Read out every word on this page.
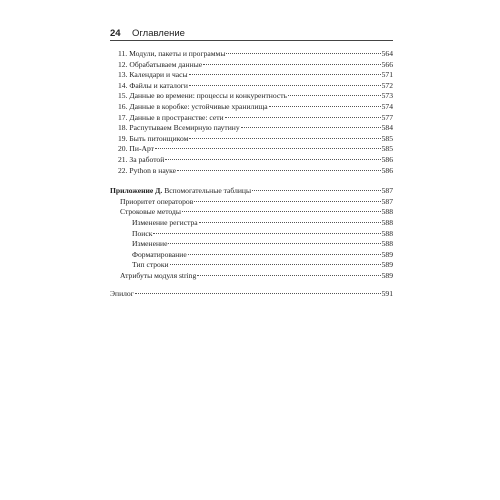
24 Оглавление
11. Модули, пакеты и программы	564
12. Обрабатываем данные	566
13. Календари и часы	571
14. Файлы и каталоги	572
15. Данные во времени: процессы и конкурентность	573
16. Данные в коробке: устойчивые хранилища	574
17. Данные в пространстве: сети	577
18. Распутываем Всемирную паутину	584
19. Быть питонщиком	585
20. Пи-Арт	585
21. За работой	586
22. Python в науке	586
Приложение Д. Вспомогательные таблицы	587
Приоритет операторов	587
Строковые методы	588
Изменение регистра	588
Поиск	588
Изменение	588
Форматирование	589
Тип строки	589
Атрибуты модуля string	589
Эпилог	591
